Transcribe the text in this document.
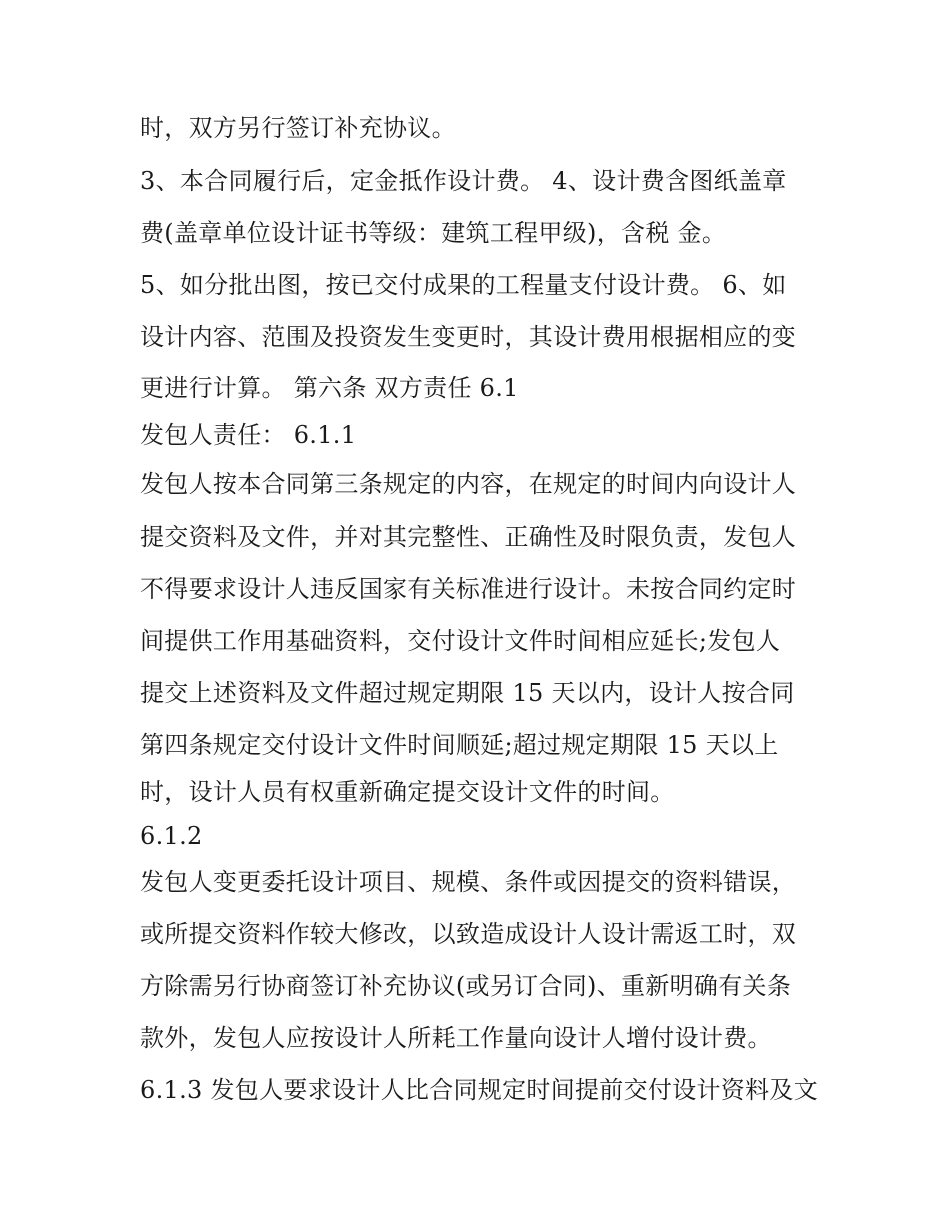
时，双方另行签订补充协议。
3、本合同履行后，定金抵作设计费。 4、设计费含图纸盖章
费(盖章单位设计证书等级：建筑工程甲级)，含税 金。
5、如分批出图，按已交付成果的工程量支付设计费。 6、如
设计内容、范围及投资发生变更时，其设计费用根据相应的变
更进行计算。 第六条 双方责任 6.1
发包人责任： 6.1.1
发包人按本合同第三条规定的内容，在规定的时间内向设计人
提交资料及文件，并对其完整性、正确性及时限负责，发包人
不得要求设计人违反国家有关标准进行设计。未按合同约定时
间提供工作用基础资料，交付设计文件时间相应延长;发包人
提交上述资料及文件超过规定期限 15 天以内，设计人按合同
第四条规定交付设计文件时间顺延;超过规定期限 15 天以上
时，设计人员有权重新确定提交设计文件的时间。
6.1.2
发包人变更委托设计项目、规模、条件或因提交的资料错误，
或所提交资料作较大修改，以致造成设计人设计需返工时，双
方除需另行协商签订补充协议(或另订合同)、重新明确有关条
款外，发包人应按设计人所耗工作量向设计人增付设计费。
6.1.3 发包人要求设计人比合同规定时间提前交付设计资料及文
